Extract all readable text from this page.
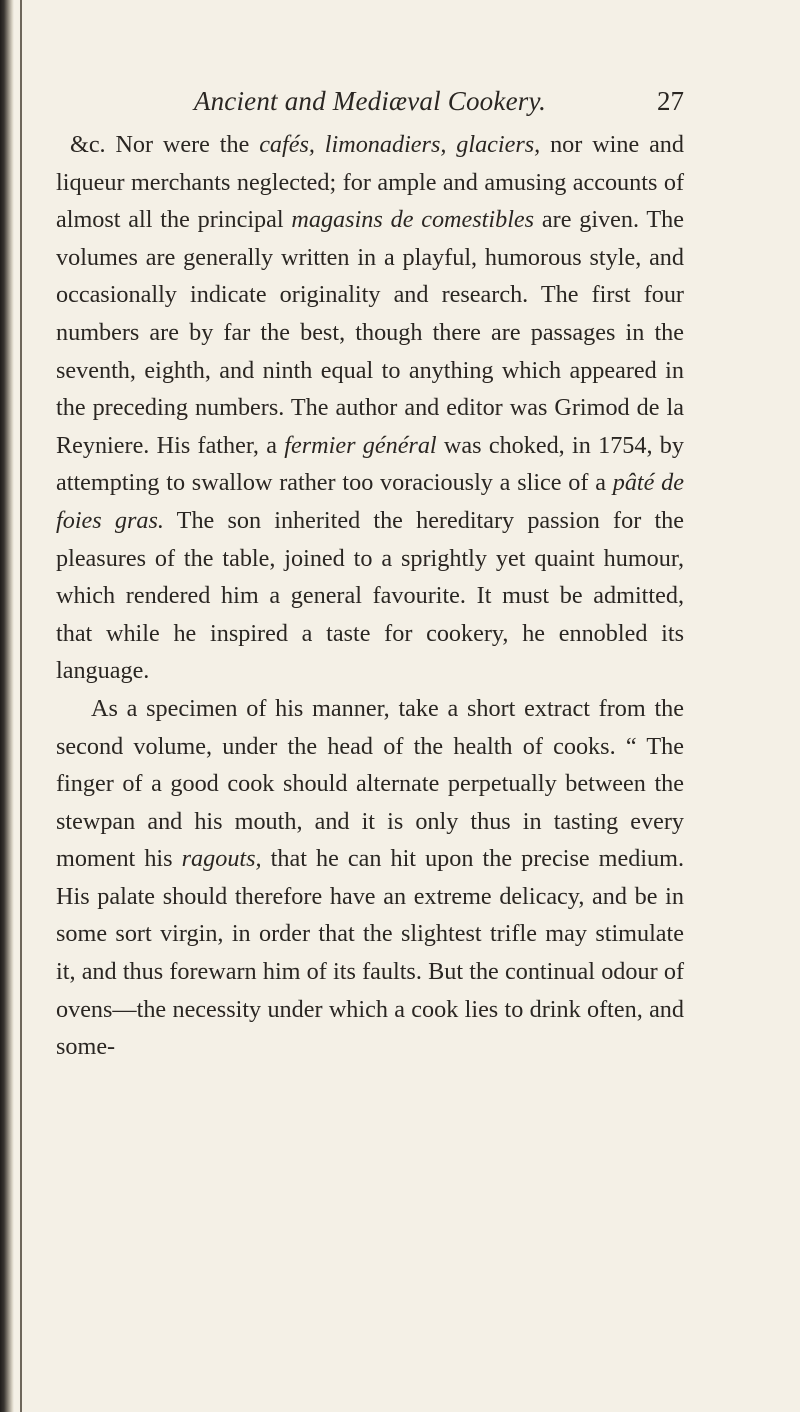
Ancient and Mediæval Cookery.	27

&c. Nor were the cafés, limonadiers, glaciers, nor wine and liqueur merchants neglected; for ample and amusing accounts of almost all the principal magasins de comestibles are given. The volumes are generally written in a playful, humorous style, and occasionally indicate originality and research. The first four numbers are by far the best, though there are passages in the seventh, eighth, and ninth equal to anything which appeared in the preceding numbers. The author and editor was Grimod de la Reyniere. His father, a fermier général was choked, in 1754, by attempting to swallow rather too voraciously a slice of a pâté de foies gras. The son inherited the hereditary passion for the pleasures of the table, joined to a sprightly yet quaint humour, which rendered him a general favourite. It must be admitted, that while he inspired a taste for cookery, he ennobled its language.

As a specimen of his manner, take a short extract from the second volume, under the head of the health of cooks. “ The finger of a good cook should alternate perpetually between the stewpan and his mouth, and it is only thus in tasting every moment his ragouts, that he can hit upon the precise medium. His palate should therefore have an extreme delicacy, and be in some sort virgin, in order that the slightest trifle may stimulate it, and thus forewarn him of its faults. But the continual odour of ovens—the necessity under which a cook lies to drink often, and some-
